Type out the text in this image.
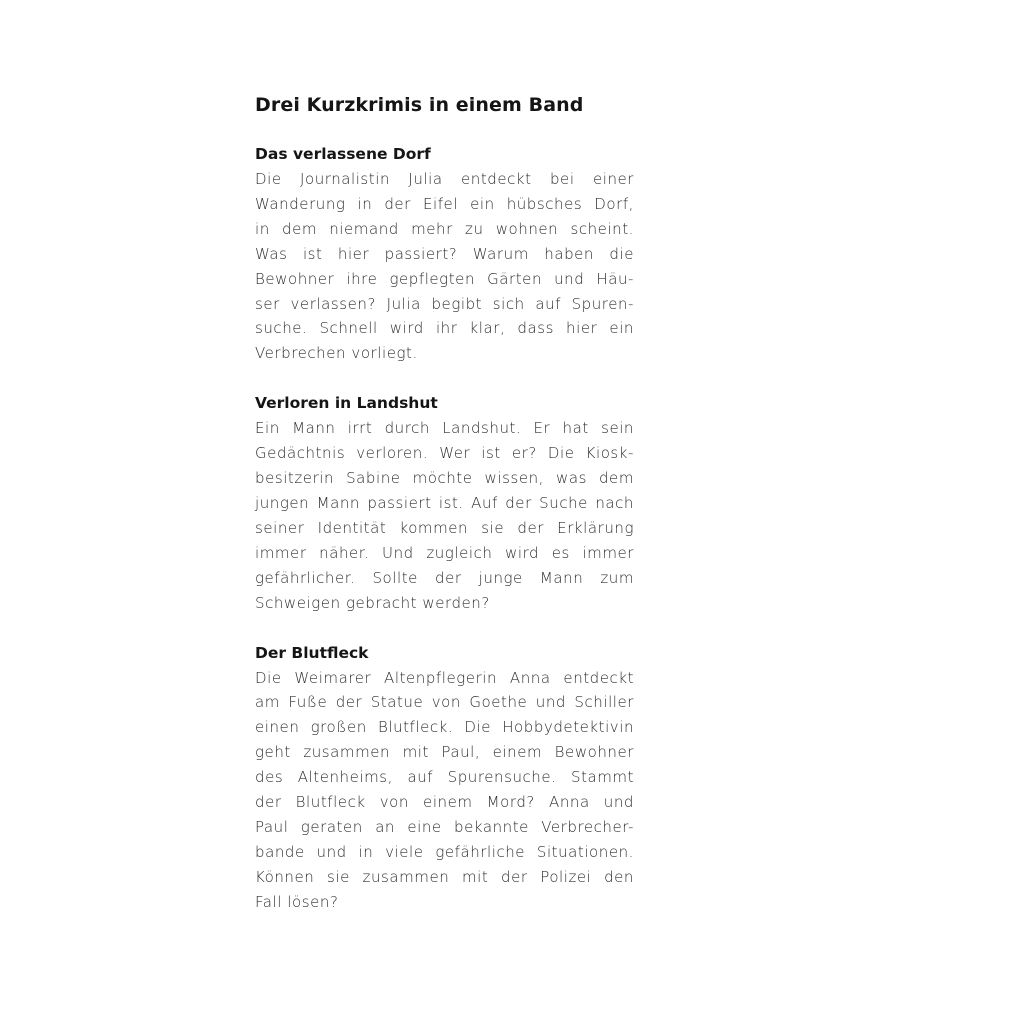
Drei Kurzkrimis in einem Band
Das verlassene Dorf
Die Journalistin Julia entdeckt bei einer
Wanderung in der Eifel ein hübsches Dorf,
in dem niemand mehr zu wohnen scheint.
Was ist hier passiert? Warum haben die
Bewohner ihre gepflegten Gärten und Häu-
ser verlassen? Julia begibt sich auf Spuren-
suche. Schnell wird ihr klar, dass hier ein
Verbrechen vorliegt.
Verloren in Landshut
Ein Mann irrt durch Landshut. Er hat sein
Gedächtnis verloren. Wer ist er? Die Kiosk-
besitzerin Sabine möchte wissen, was dem
jungen Mann passiert ist. Auf der Suche nach
seiner Identität kommen sie der Erklärung
immer näher. Und zugleich wird es immer
gefährlicher. Sollte der junge Mann zum
Schweigen gebracht werden?
Der Blutfleck
Die Weimarer Altenpflegerin Anna entdeckt
am Fuße der Statue von Goethe und Schiller
einen großen Blutfleck. Die Hobbydetektivin
geht zusammen mit Paul, einem Bewohner
des Altenheims, auf Spurensuche. Stammt
der Blutfleck von einem Mord? Anna und
Paul geraten an eine bekannte Verbrecher-
bande und in viele gefährliche Situationen.
Können sie zusammen mit der Polizei den
Fall lösen?
